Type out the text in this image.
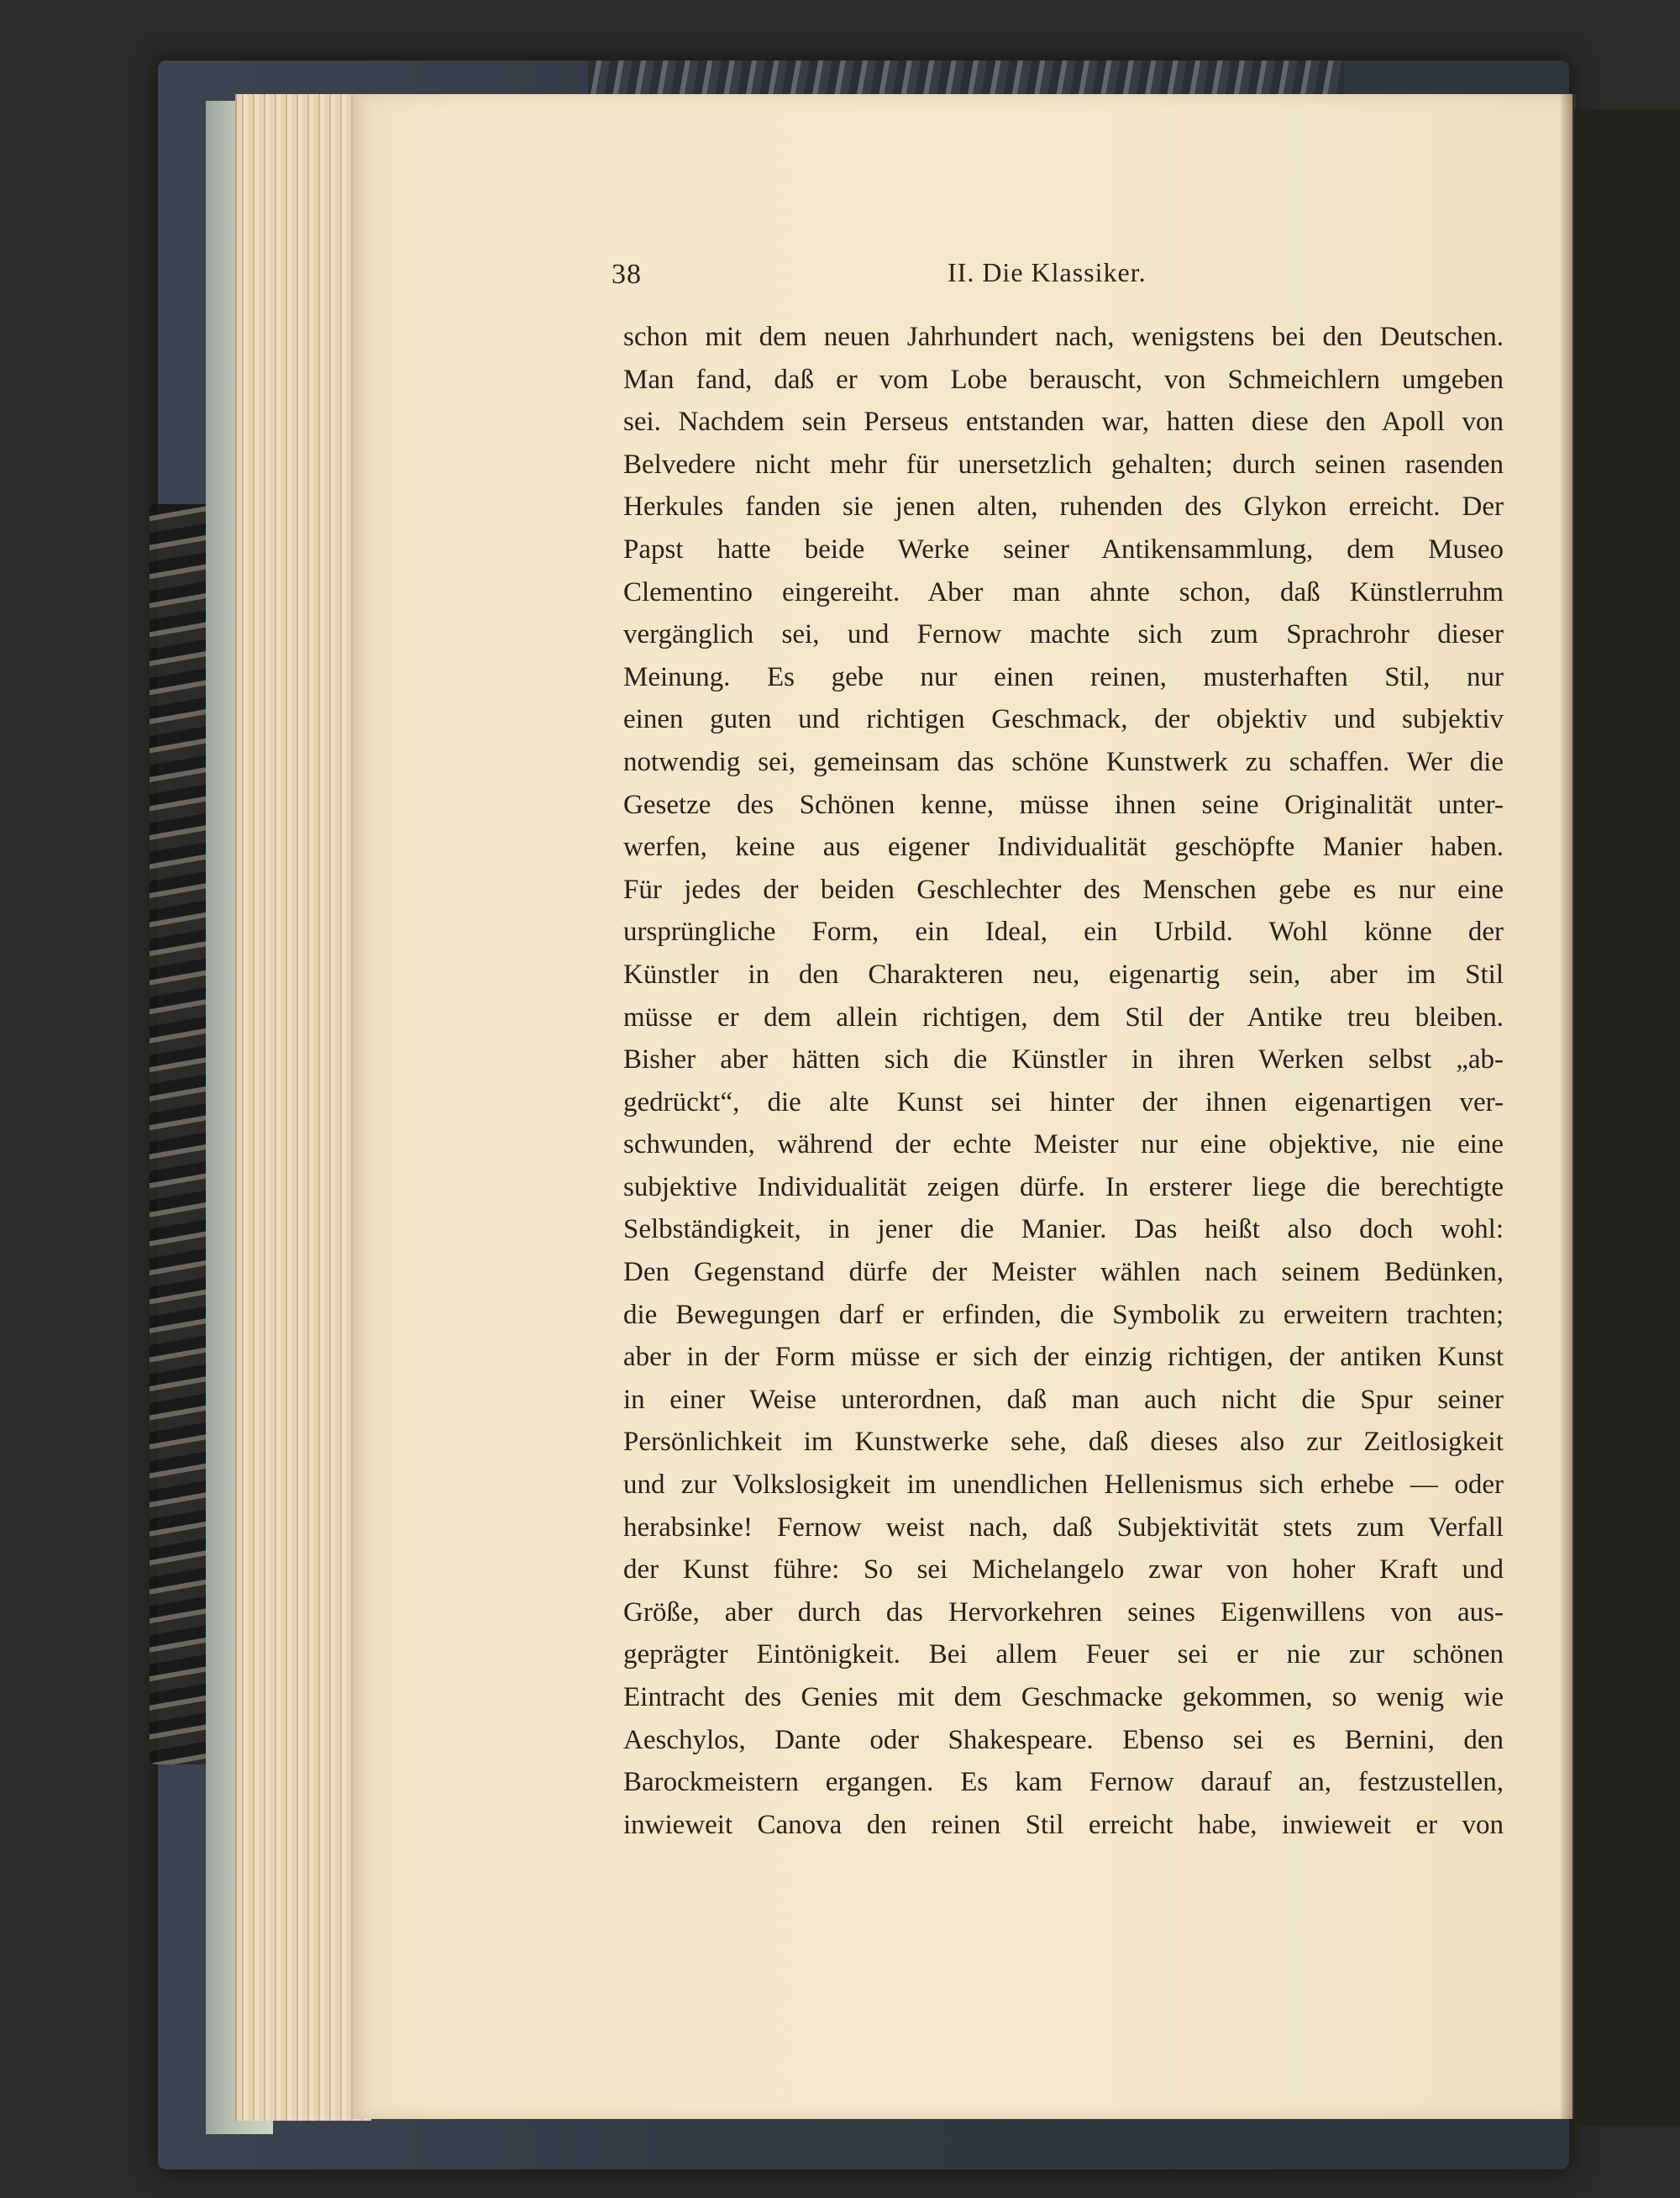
38	II. Die Klassiker.
schon mit dem neuen Jahrhundert nach, wenigstens bei den Deutschen.
Man fand, daß er vom Lobe berauscht, von Schmeichlern umgeben
sei. Nachdem sein Perseus entstanden war, hatten diese den Apoll von
Belvedere nicht mehr für unersetzlich gehalten; durch seinen rasenden
Herkules fanden sie jenen alten, ruhenden des Glykon erreicht. Der
Papst hatte beide Werke seiner Antikensammlung, dem Museo
Clementino eingereiht. Aber man ahnte schon, daß Künstlerruhm
vergänglich sei, und Fernow machte sich zum Sprachrohr dieser
Meinung. Es gebe nur einen reinen, musterhaften Stil, nur
einen guten und richtigen Geschmack, der objektiv und subjektiv
notwendig sei, gemeinsam das schöne Kunstwerk zu schaffen. Wer die
Gesetze des Schönen kenne, müsse ihnen seine Originalität unter-
werfen, keine aus eigener Individualität geschöpfte Manier haben.
Für jedes der beiden Geschlechter des Menschen gebe es nur eine
ursprüngliche Form, ein Ideal, ein Urbild. Wohl könne der
Künstler in den Charakteren neu, eigenartig sein, aber im Stil
müsse er dem allein richtigen, dem Stil der Antike treu bleiben.
Bisher aber hätten sich die Künstler in ihren Werken selbst „ab-
gedrückt“, die alte Kunst sei hinter der ihnen eigenartigen ver-
schwunden, während der echte Meister nur eine objektive, nie eine
subjektive Individualität zeigen dürfe. In ersterer liege die berechtigte
Selbständigkeit, in jener die Manier. Das heißt also doch wohl:
Den Gegenstand dürfe der Meister wählen nach seinem Bedünken,
die Bewegungen darf er erfinden, die Symbolik zu erweitern trachten;
aber in der Form müsse er sich der einzig richtigen, der antiken Kunst
in einer Weise unterordnen, daß man auch nicht die Spur seiner
Persönlichkeit im Kunstwerke sehe, daß dieses also zur Zeitlosigkeit
und zur Volkslosigkeit im unendlichen Hellenismus sich erhebe — oder
herabsinke! Fernow weist nach, daß Subjektivität stets zum Verfall
der Kunst führe: So sei Michelangelo zwar von hoher Kraft und
Größe, aber durch das Hervorkehren seines Eigenwillens von aus-
geprägter Eintönigkeit. Bei allem Feuer sei er nie zur schönen
Eintracht des Genies mit dem Geschmacke gekommen, so wenig wie
Aeschylos, Dante oder Shakespeare. Ebenso sei es Bernini, den
Barockmeistern ergangen. Es kam Fernow darauf an, festzustellen,
inwieweit Canova den reinen Stil erreicht habe, inwieweit er von
